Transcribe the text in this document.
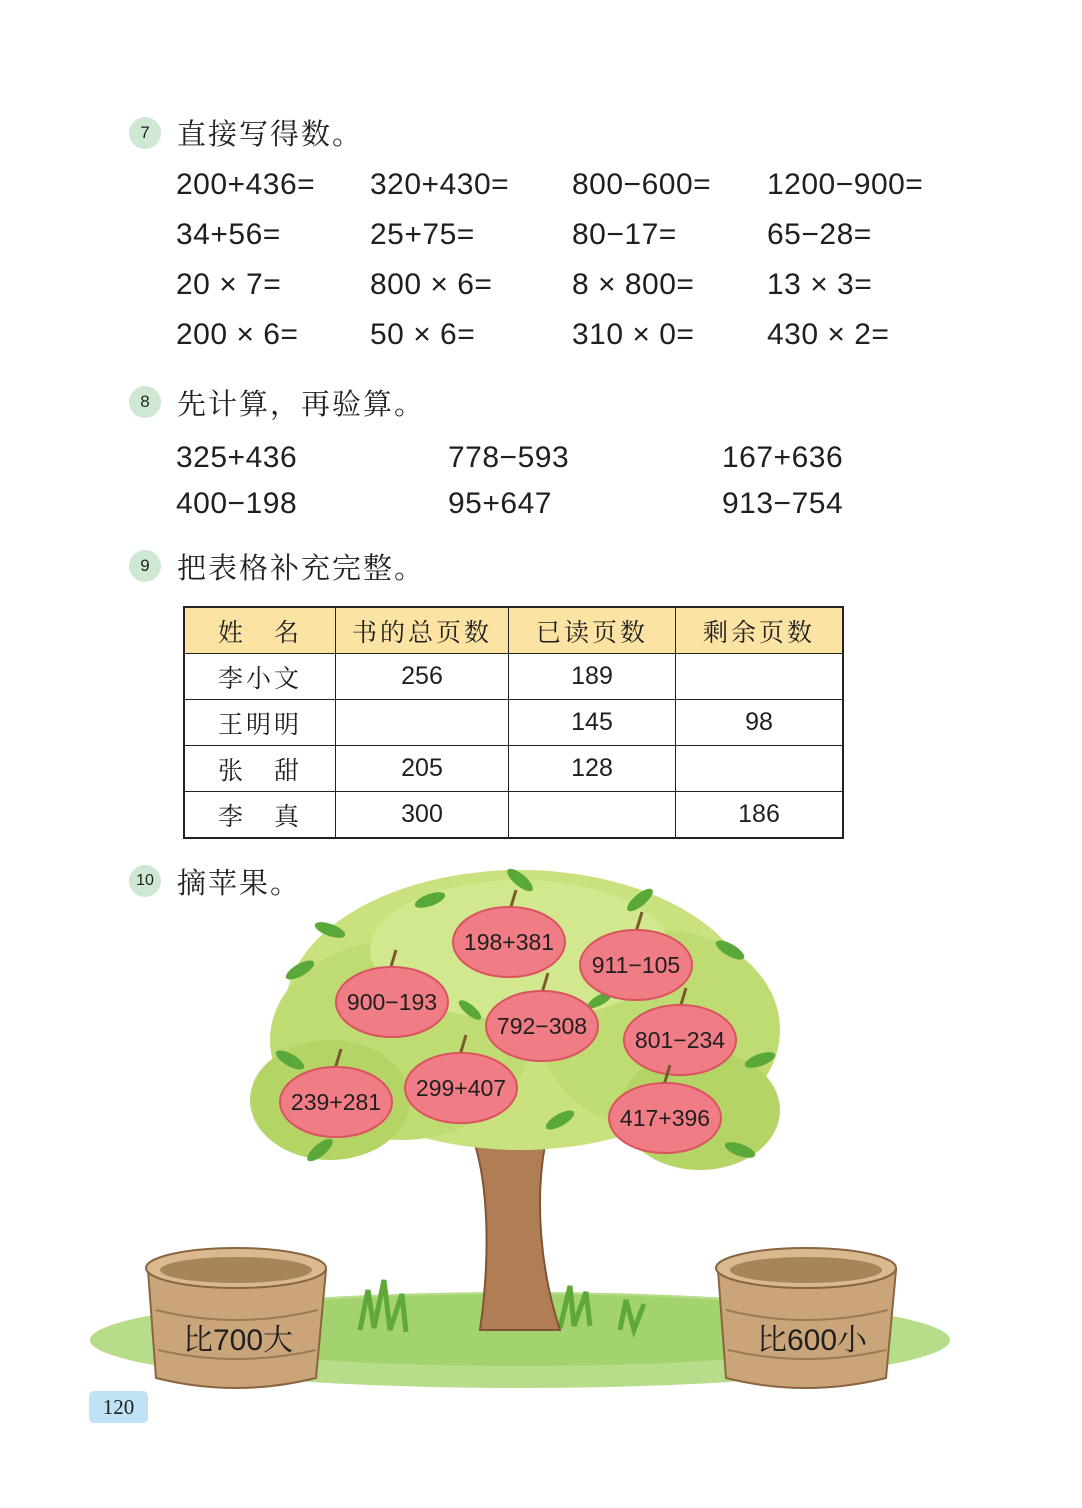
7 直接写得数。
200+436= 320+430= 800−600= 1200−900=
34+56=	25+75=	80−17=	65−28=
20 × 7=	800 × 6=	8 × 800= 13 × 3=
200 × 6= 50 × 6=	310 × 0= 430 × 2=
8 先计算，再验算。
325+436	778−593	167+636
400−198	95+647	913−754
9 把表格补充完整。
姓　名	书的总页数	已读页数	剩余页数
李小文	256	189	
王明明		145	98
张　甜	205	128	
李　真	300		186
10 摘苹果。
198+381
911−105
900−193
792−308
801−234
239+281
299+407
417+396
比700大	比600小
120
